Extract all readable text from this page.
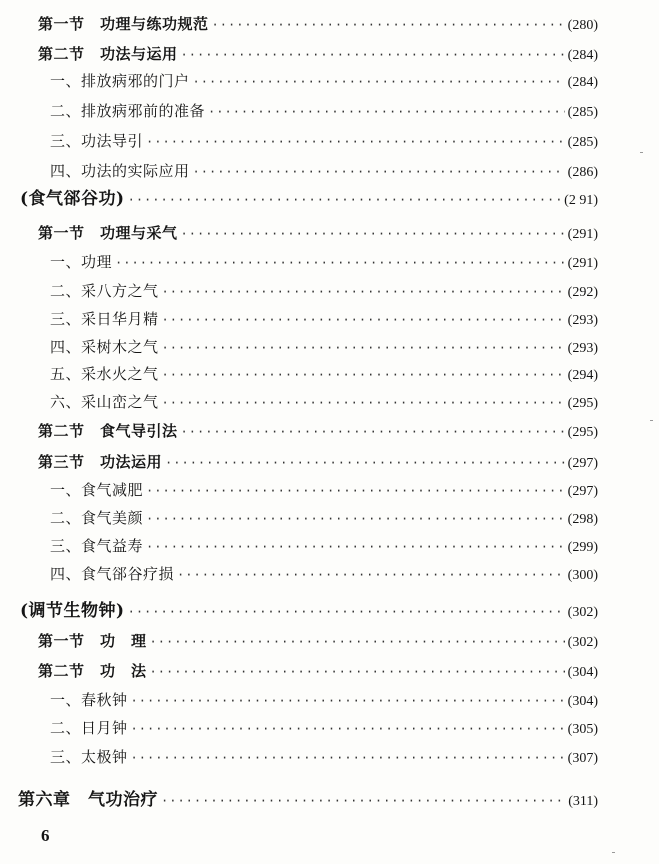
第一节　功理与练功规范 ·····	(280)
第二节　功法与运用 ·····	(284)
一、排放病邪的门户 ·····	(284)
二、排放病邪前的准备 ·····	(285)
三、功法导引 ·····	(285)
四、功法的实际应用 ·····	(286)
(食气郤谷功) ·····	(2 91)
第一节　功理与采气 ·····	(291)
一、功理 ·····	(291)
二、采八方之气 ·····	(292)
三、采日华月精 ·····	(293)
四、采树木之气 ·····	(293)
五、采水火之气 ·····	(294)
六、采山峦之气 ·····	(295)
第二节　食气导引法 ·····	(295)
第三节　功法运用 ·····	(297)
一、食气减肥 ·····	(297)
二、食气美颜 ·····	(298)
三、食气益寿 ·····	(299)
四、食气郤谷疗损 ·····	(300)
(调节生物钟) ·····	(302)
第一节　功　理 ·····	(302)
第二节　功　法 ·····	(304)
一、春秋钟 ·····	(304)
二、日月钟 ·····	(305)
三、太极钟 ·····	(307)
第六章　气功治疗 ·····	(311)
6
